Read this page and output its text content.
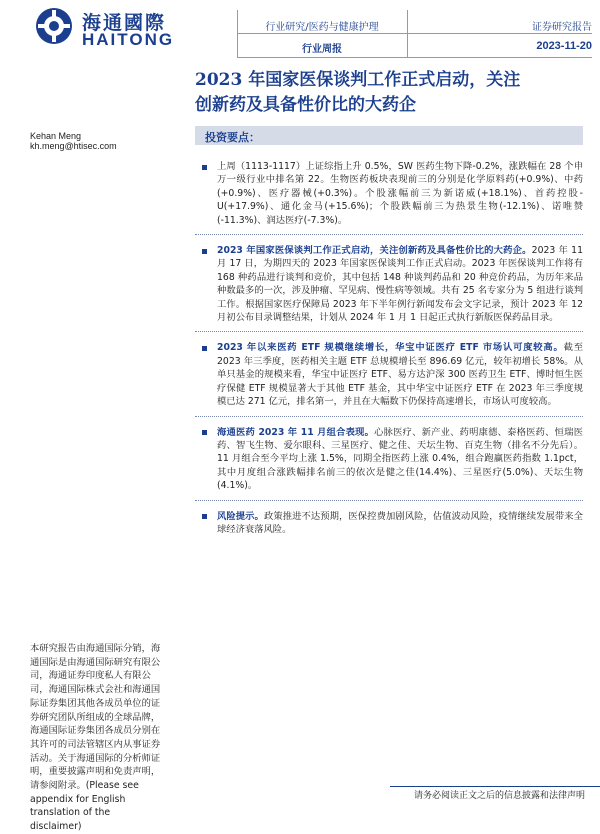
海通國際
HAITONG
行业研究/医药与健康护理
行业周报
证券研究报告
2023-11-20
2023 年国家医保谈判工作正式启动，关注
创新药及具备性价比的大药企
Kehan Meng
kh.meng@htisec.com
投资要点：
上周（1113-1117）上证综指上升 0.5%，SW 医药生物下降-0.2%，涨跌幅在 28 个申万一级行业中排名第 22。生物医药板块表现前三的分别是化学原料药(+0.9%)、中药(+0.9%)、医疗器械(+0.3%)。个股涨幅前三为新诺威(+18.1%)、首药控股-U(+17.9%)、通化金马(+15.6%)；个股跌幅前三为热景生物(-12.1%)、诺唯赞(-11.3%)、润达医疗(-7.3%)。
2023 年国家医保谈判工作正式启动，关注创新药及具备性价比的大药企。2023 年 11 月 17 日，为期四天的 2023 年国家医保谈判工作正式启动。2023 年医保谈判工作将有 168 种药品进行谈判和竞价，其中包括 148 种谈判药品和 20 种竞价药品，为历年来品种数最多的一次，涉及肿瘤、罕见病、慢性病等领域。共有 25 名专家分为 5 组进行谈判工作。根据国家医疗保障局 2023 年下半年例行新闻发布会文字记录，预计 2023 年 12 月初公布目录调整结果，计划从 2024 年 1 月 1 日起正式执行新版医保药品目录。
2023 年以来医药 ETF 规模继续增长，华宝中证医疗 ETF 市场认可度较高。截至 2023 年三季度，医药相关主题 ETF 总规模增长至 896.69 亿元，较年初增长 58%。从单只基金的规模来看，华宝中证医疗 ETF、易方达沪深 300 医药卫生 ETF、博时恒生医疗保健 ETF 规模显著大于其他 ETF 基金，其中华宝中证医疗 ETF 在 2023 年三季度规模已达 271 亿元，排名第一，并且在大幅数下仍保持高速增长，市场认可度较高。
海通医药 2023 年 11 月组合表现。心脉医疗、新产业、药明康德、泰格医药、恒瑞医药、智飞生物、爱尔眼科、三星医疗、健之佳、天坛生物、百克生物（排名不分先后）。11 月组合至今平均上涨 1.5%，同期全指医药上涨 0.4%，组合跑赢医药指数 1.1pct，其中月度组合涨跌幅排名前三的依次是健之佳(14.4%)、三星医疗(5.0%)、天坛生物(4.1%)。
风险提示。政策推进不达预期，医保控费加剧风险，估值波动风险，疫情继续发展带来全球经济衰落风险。
本研究报告由海通国际分销，海通国际是由海通国际研究有限公司，海通证券印度私人有限公司，海通国际株式会社和海通国际证券集团其他各成员单位的证券研究团队所组成的全球品牌，海通国际证券集团各成员分别在其许可的司法管辖区内从事证券活动。关于海通国际的分析师证明，重要披露声明和免责声明，请参阅附录。(Please see appendix for English translation of the disclaimer)
请务必阅读正文之后的信息披露和法律声明
